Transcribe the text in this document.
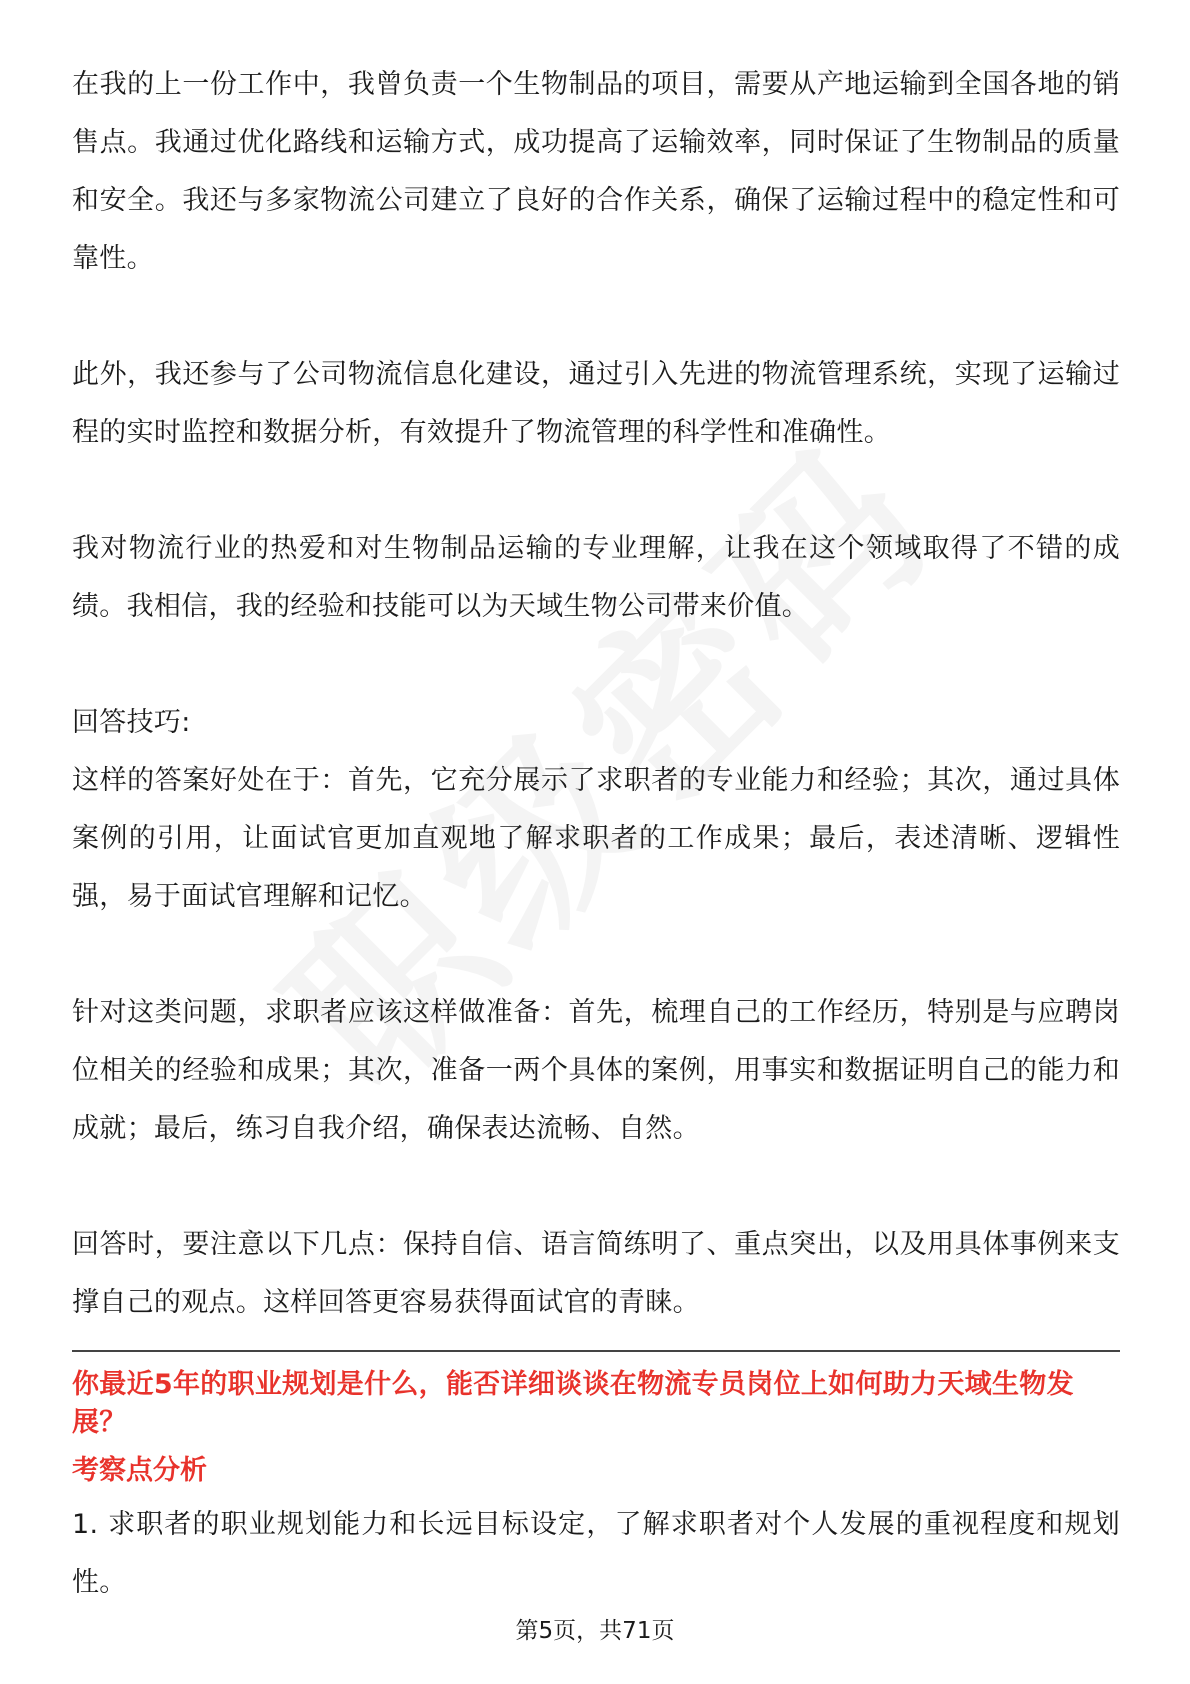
在我的上一份工作中，我曾负责一个生物制品的项目，需要从产地运输到全国各地的销售点。我通过优化路线和运输方式，成功提高了运输效率，同时保证了生物制品的质量和安全。我还与多家物流公司建立了良好的合作关系，确保了运输过程中的稳定性和可靠性。

此外，我还参与了公司物流信息化建设，通过引入先进的物流管理系统，实现了运输过程的实时监控和数据分析，有效提升了物流管理的科学性和准确性。

我对物流行业的热爱和对生物制品运输的专业理解，让我在这个领域取得了不错的成绩。我相信，我的经验和技能可以为天域生物公司带来价值。

回答技巧:

这样的答案好处在于：首先，它充分展示了求职者的专业能力和经验；其次，通过具体案例的引用，让面试官更加直观地了解求职者的工作成果；最后，表述清晰、逻辑性强，易于面试官理解和记忆。

针对这类问题，求职者应该这样做准备：首先，梳理自己的工作经历，特别是与应聘岗位相关的经验和成果；其次，准备一两个具体的案例，用事实和数据证明自己的能力和成就；最后，练习自我介绍，确保表达流畅、自然。

回答时，要注意以下几点：保持自信、语言简练明了、重点突出，以及用具体事例来支撑自己的观点。这样回答更容易获得面试官的青睐。

你最近5年的职业规划是什么，能否详细谈谈在物流专员岗位上如何助力天域生物发展？

考察点分析

1. 求职者的职业规划能力和长远目标设定，了解求职者对个人发展的重视程度和规划性。

第5页，共71页
